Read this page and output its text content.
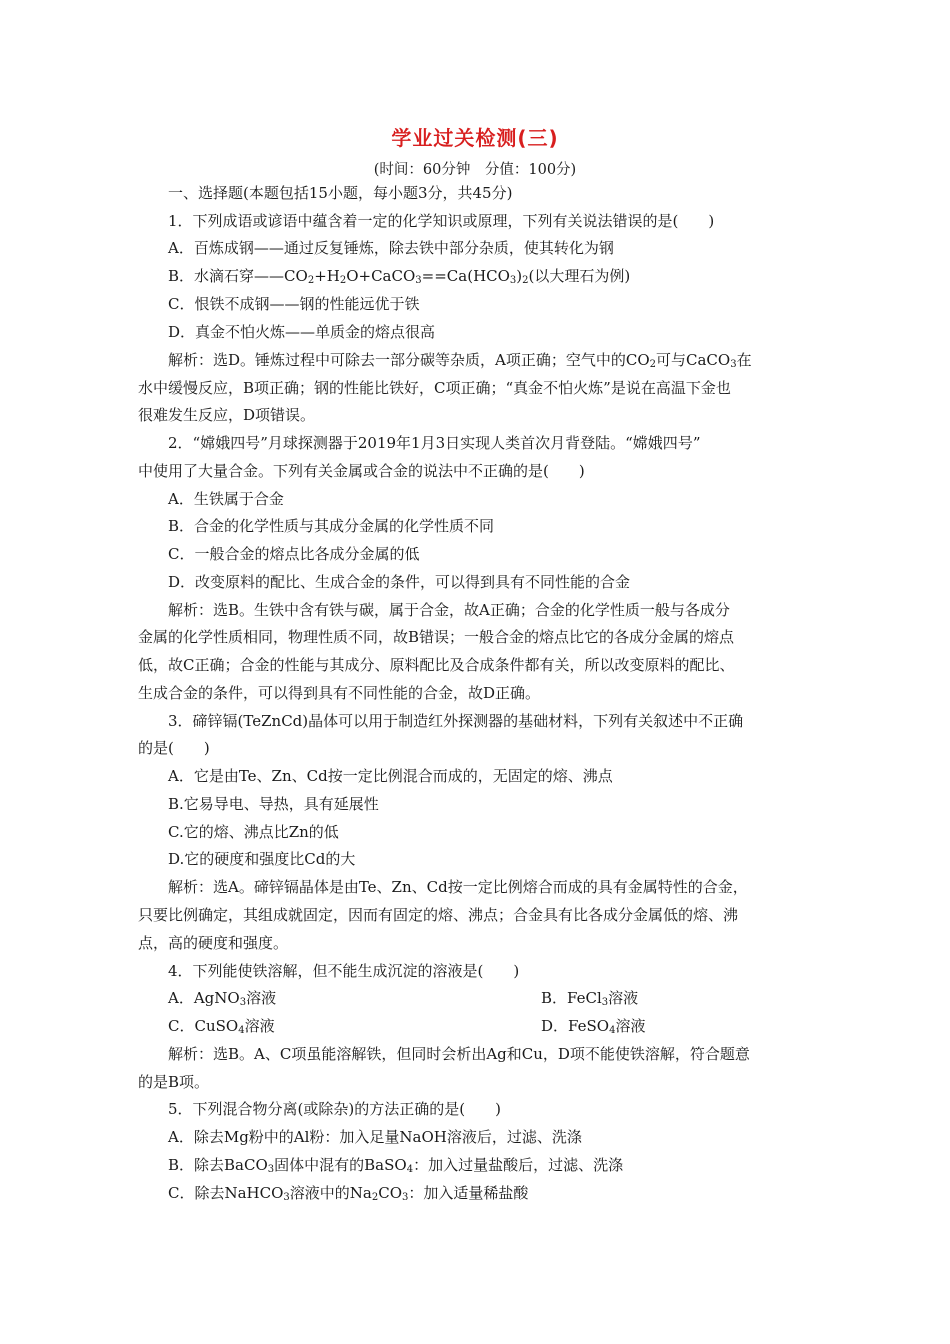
学业过关检测(三)
(时间：60分钟　分值：100分)
一、选择题(本题包括15小题，每小题3分，共45分)
1．下列成语或谚语中蕴含着一定的化学知识或原理，下列有关说法错误的是(　　)
A．百炼成钢——通过反复锤炼，除去铁中部分杂质，使其转化为钢
B．水滴石穿$——CO_2+H_2O+CaCO_3==Ca(HCO_3)_2$(以大理石为例)
C．恨铁不成钢——钢的性能远优于铁
D．真金不怕火炼——单质金的熔点很高
解析：选D。锤炼过程中可除去一部分碳等杂质，A项正确；空气中的$CO_2$可与CaCO$_3$在
水中缓慢反应，B项正确；钢的性能比铁好，C项正确；“真金不怕火炼”是说在高温下金也
很难发生反应，D项错误。
2．“嫦娥四号”月球探测器于2019年1月3日实现人类首次月背登陆。“嫦娥四号”
中使用了大量合金。下列有关金属或合金的说法中不正确的是(　　)
A．生铁属于合金
B．合金的化学性质与其成分金属的化学性质不同
C．一般合金的熔点比各成分金属的低
D．改变原料的配比、生成合金的条件，可以得到具有不同性能的合金
解析：选B。生铁中含有铁与碳，属于合金，故A正确；合金的化学性质一般与各成分
金属的化学性质相同，物理性质不同，故B错误；一般合金的熔点比它的各成分金属的熔点
低，故C正确；合金的性能与其成分、原料配比及合成条件都有关，所以改变原料的配比、
生成合金的条件，可以得到具有不同性能的合金，故D正确。
3．碲锌镉(TeZnCd)晶体可以用于制造红外探测器的基础材料，下列有关叙述中不正确
的是(　　)
A．它是由Te、Zn、Cd按一定比例混合而成的，无固定的熔、沸点
B.它易导电、导热，具有延展性
C.它的熔、沸点比Zn的低
D.它的硬度和强度比Cd的大
解析：选A。碲锌镉晶体是由Te、Zn、Cd按一定比例熔合而成的具有金属特性的合金，
只要比例确定，其组成就固定，因而有固定的熔、沸点；合金具有比各成分金属低的熔、沸
点，高的硬度和强度。
4．下列能使铁溶解，但不能生成沉淀的溶液是(　　)
A．AgNO$_3$溶液	B．FeCl$_3$溶液
C．CuSO$_4$溶液	D．FeSO$_4$溶液
解析：选B。A、C项虽能溶解铁，但同时会析出Ag和Cu，D项不能使铁溶解，符合题意
的是B项。
5．下列混合物分离(或除杂)的方法正确的是(　　)
A．除去Mg粉中的Al粉：加入足量NaOH溶液后，过滤、洗涤
B．除去BaCO$_3$固体中混有的BaSO$_4$：加入过量盐酸后，过滤、洗涤
C．除去NaHCO$_3$溶液中的$Na_2CO_3$：加入适量稀盐酸
